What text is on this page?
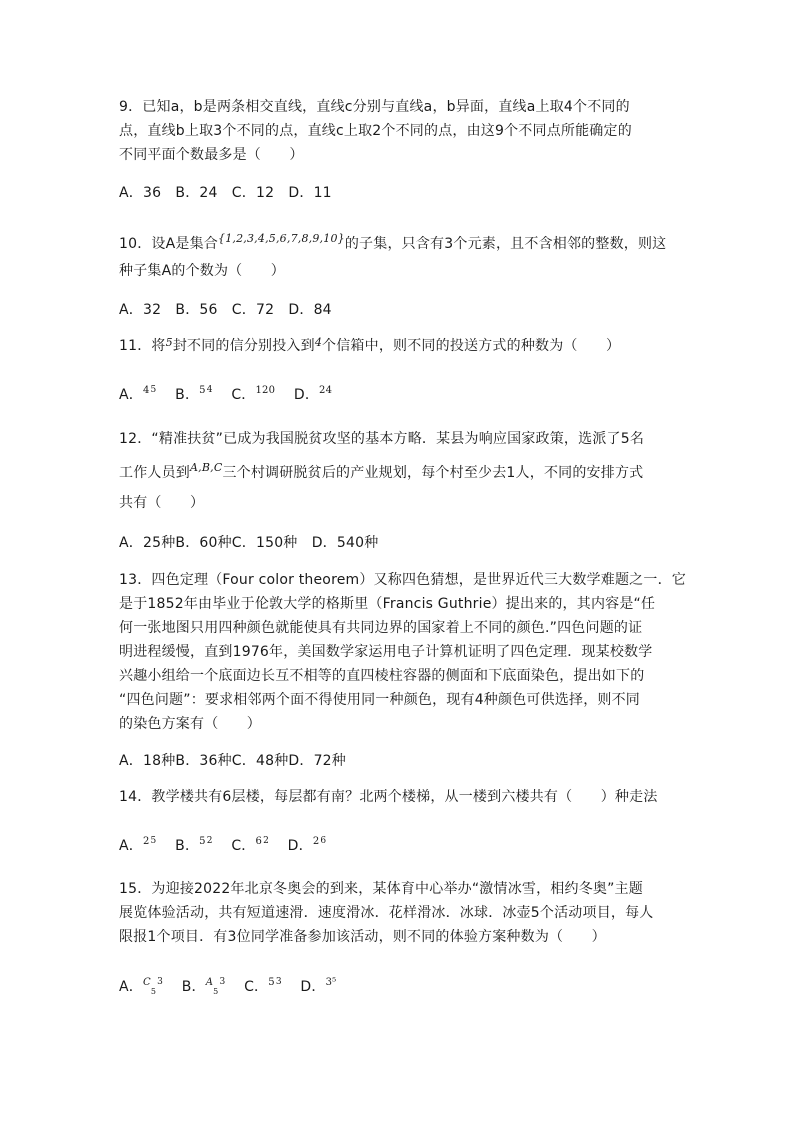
9．已知a，b是两条相交直线，直线c分别与直线a，b异面，直线a上取4个不同的
点，直线b上取3个不同的点，直线c上取2个不同的点，由这9个不同点所能确定的
不同平面个数最多是（　　）
A．36　B．24　C．12　D．11
10．设A是集合$^{\{1,2,3,4,5,6,7,8,9,10\}}$的子集，只含有3个元素，且不含相邻的整数，则这
种子集A的个数为（　　）
A．32　B．56　C．72　D．84
11．将$^5$封不同的信分别投入到$^4$个信箱中，则不同的投送方式的种数为（　　）
A．$^{45}$ B．$^{54}$ C．$^{120}$ D．$^{24}$
12．“精准扶贫”已成为我国脱贫攻坚的基本方略．某县为响应国家政策，选派了5名
工作人员到$^{A,B,C}$三个村调研脱贫后的产业规划，每个村至少去1人，不同的安排方式
共有（　　）
A．25种B．60种C．150种　D．540种
13．四色定理（Four color theorem）又称四色猜想，是世界近代三大数学难题之一．它
是于1852年由毕业于伦敦大学的格斯里（Francis Guthrie）提出来的，其内容是“任
何一张地图只用四种颜色就能使具有共同边界的国家着上不同的颜色.”四色问题的证
明进程缓慢，直到1976年，美国数学家运用电子计算机证明了四色定理．现某校数学
兴趣小组给一个底面边长互不相等的直四棱柱容器的侧面和下底面染色，提出如下的
“四色问题”：要求相邻两个面不得使用同一种颜色，现有4种颜色可供选择，则不同
的染色方案有（　　）
A．18种B．36种C．48种D．72种
14．教学楼共有6层楼，每层都有南？北两个楼梯，从一楼到六楼共有（　　）种走法
A．$^{25}$ B．$^{52}$ C．$^{62}$ D．$^{26}$
15．为迎接2022年北京冬奥会的到来，某体育中心举办“激情冰雪，相约冬奥”主题
展览体验活动，共有短道速滑．速度滑冰．花样滑冰．冰球．冰壶5个活动项目，每人
限报1个项目．有3位同学准备参加该活动，则不同的体验方案种数为（　　）
A．$^C_5^3$ B．$^A_5^3$ C．$^{53}$ D．$^{3^5}$
